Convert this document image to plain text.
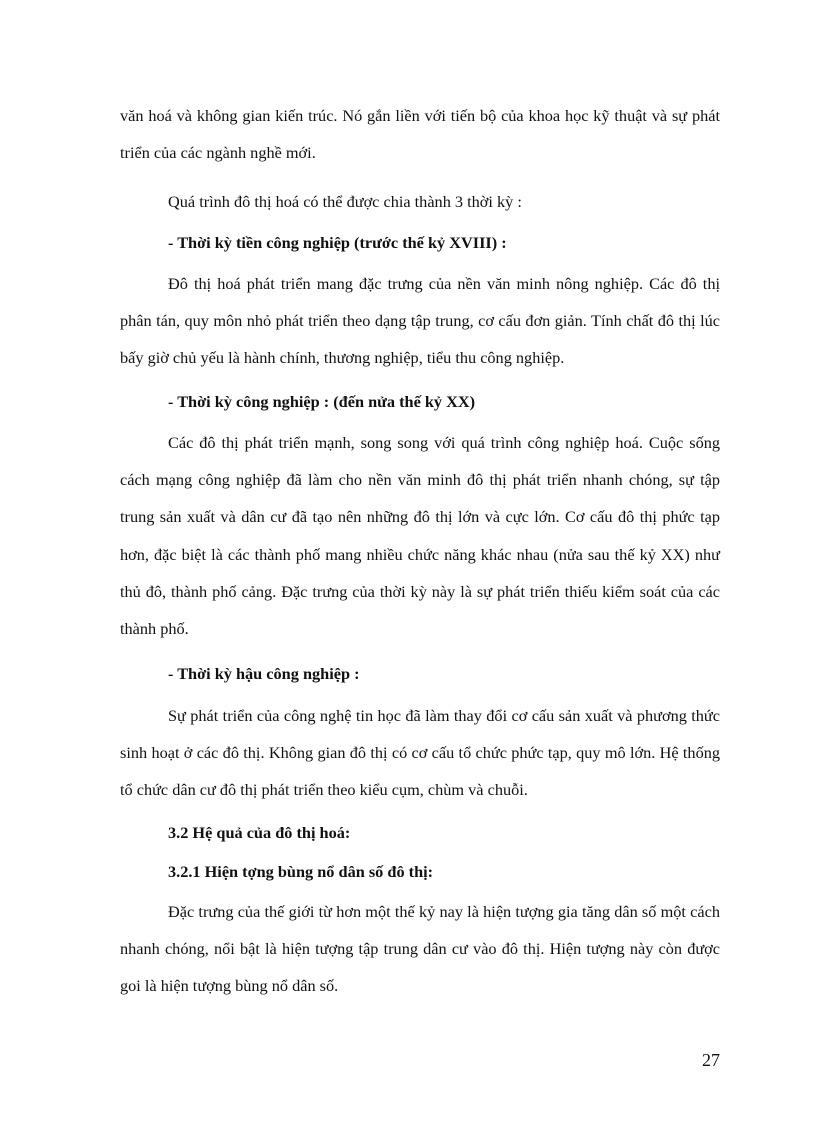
văn hoá và không gian kiến trúc. Nó gắn liền với tiến bộ của khoa học kỹ thuật và sự phát triển của các ngành nghề mới.

Quá trình đô thị hoá có thể được chia thành 3 thời kỳ :

- Thời kỳ tiền công nghiệp (trước thế kỷ XVIII) :

Đô thị hoá phát triển mang đặc trưng của nền văn minh nông nghiệp. Các đô thị phân tán, quy môn nhỏ phát triển theo dạng tập trung, cơ cấu đơn giản. Tính chất đô thị lúc bấy giờ chủ yếu là hành chính, thương nghiệp, tiểu thu công nghiệp.

- Thời kỳ công nghiệp : (đến nửa thế kỷ XX)

Các đô thị phát triển mạnh, song song với quá trình công nghiệp hoá. Cuộc sống cách mạng công nghiệp đã làm cho nền văn minh đô thị phát triển nhanh chóng, sự tập trung sản xuất và dân cư đã tạo nên những đô thị lớn và cực lớn. Cơ cấu đô thị phức tạp hơn, đặc biệt là các thành phố mang nhiều chức năng khác nhau (nửa sau thế kỷ XX) như thủ đô, thành phố cảng. Đặc trưng của thời kỳ này là sự phát triển thiếu kiểm soát của các thành phố.

- Thời kỳ hậu công nghiệp :

Sự phát triển của công nghệ tin học đã làm thay đổi cơ cấu sản xuất và phương thức sinh hoạt ở các đô thị. Không gian đô thị có cơ cấu tổ chức phức tạp, quy mô lớn. Hệ thống tổ chức dân cư đô thị phát triển theo kiểu cụm, chùm và chuỗi.

3.2 Hệ quả của đô thị hoá:

3.2.1 Hiện tợng bùng nổ dân số đô thị:

Đặc trưng của thế giới từ hơn một thế kỷ nay là hiện tượng gia tăng dân số một cách nhanh chóng, nổi bật là hiện tượng tập trung dân cư vào đô thị. Hiện tượng này còn được goi là hiện tượng bùng nổ dân số.

27
